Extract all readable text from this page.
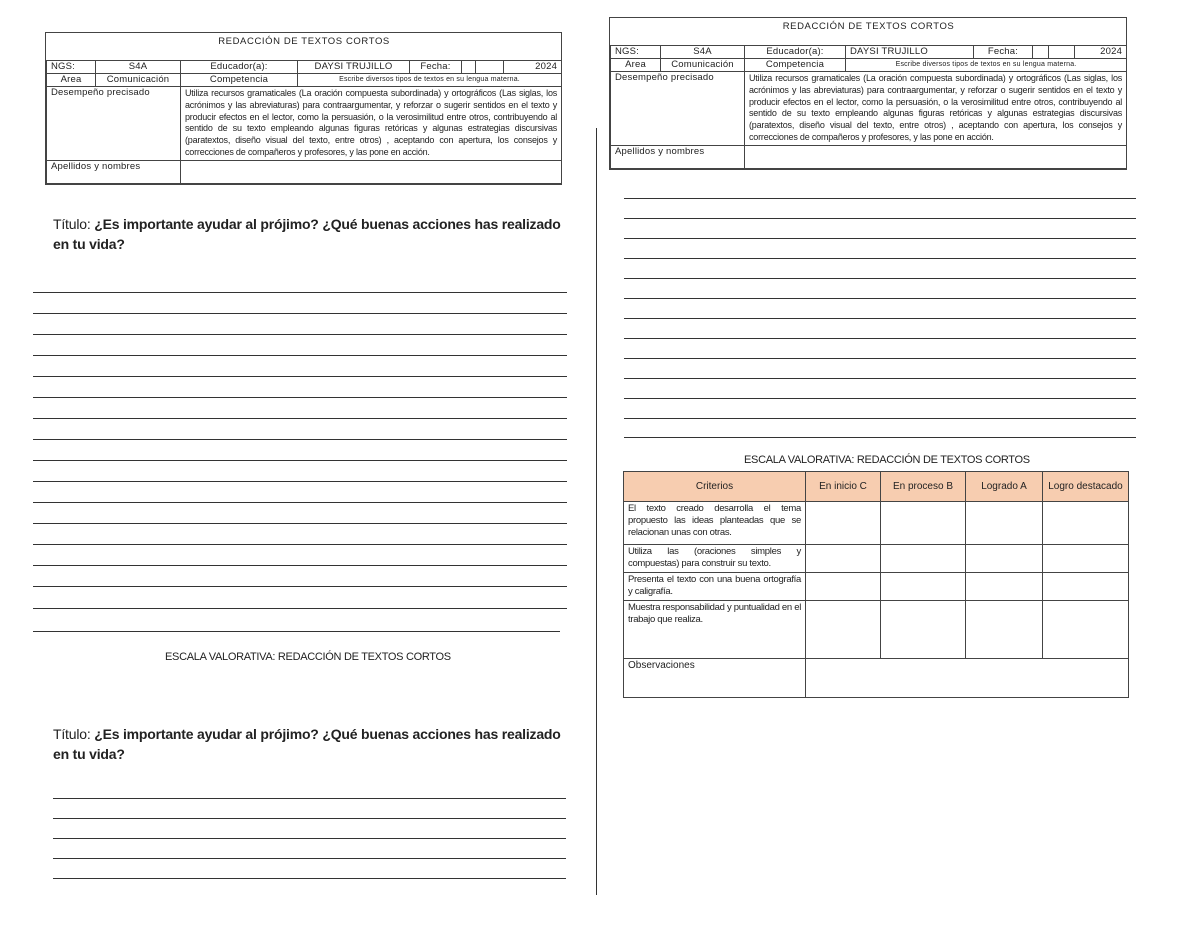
REDACCIÓN DE TEXTOS CORTOS							
NGS:	S4A	Educador(a):	DAYSI TRUJILLO	Fecha:			2024
Area	Comunicación	Competencia	Escribe diversos tipos de textos en su lengua materna.				
Desempeño precisado		Utiliza recursos gramaticales (La oración compuesta subordinada) y ortográficos (Las siglas, los acrónimos y las abreviaturas) para contraargumentar, y reforzar o sugerir sentidos en el texto y producir efectos en el lector, como la persuasión, o la verosimilitud entre otros, contribuyendo al sentido de su texto empleando algunas figuras retóricas y algunas estrategias discursivas (paratextos, diseño visual del texto, entre otros) , aceptando con apertura, los consejos y correcciones de compañeros y profesores, y las pone en acción.					
Apellidos y nombres							
Título: ¿Es importante ayudar al prójimo? ¿Qué buenas acciones has realizado en tu vida?
ESCALA VALORATIVA: REDACCIÓN DE TEXTOS CORTOS
Título: ¿Es importante ayudar al prójimo? ¿Qué buenas acciones has realizado en tu vida?
REDACCIÓN DE TEXTOS CORTOS							
NGS:	S4A	Educador(a):	DAYSI TRUJILLO	Fecha:			2024
Area	Comunicación	Competencia	Escribe diversos tipos de textos en su lengua materna.				
Desempeño precisado		Utiliza recursos gramaticales (La oración compuesta subordinada) y ortográficos (Las siglas, los acrónimos y las abreviaturas) para contraargumentar, y reforzar o sugerir sentidos en el texto y producir efectos en el lector, como la persuasión, o la verosimilitud entre otros, contribuyendo al sentido de su texto empleando algunas figuras retóricas y algunas estrategias discursivas (paratextos, diseño visual del texto, entre otros) , aceptando con apertura, los consejos y correcciones de compañeros y profesores, y las pone en acción.					
Apellidos y nombres							
ESCALA VALORATIVA: REDACCIÓN DE TEXTOS CORTOS
Criterios	En inicio C	En proceso B	Logrado A	Logro destacado
El texto creado desarrolla el tema propuesto las ideas planteadas que se relacionan unas con otras.				
Utiliza las (oraciones simples y compuestas) para construir su texto.				
Presenta el texto con una buena ortografía y caligrafía.				
Muestra responsabilidad y puntualidad en el trabajo que realiza.				
Observaciones				
